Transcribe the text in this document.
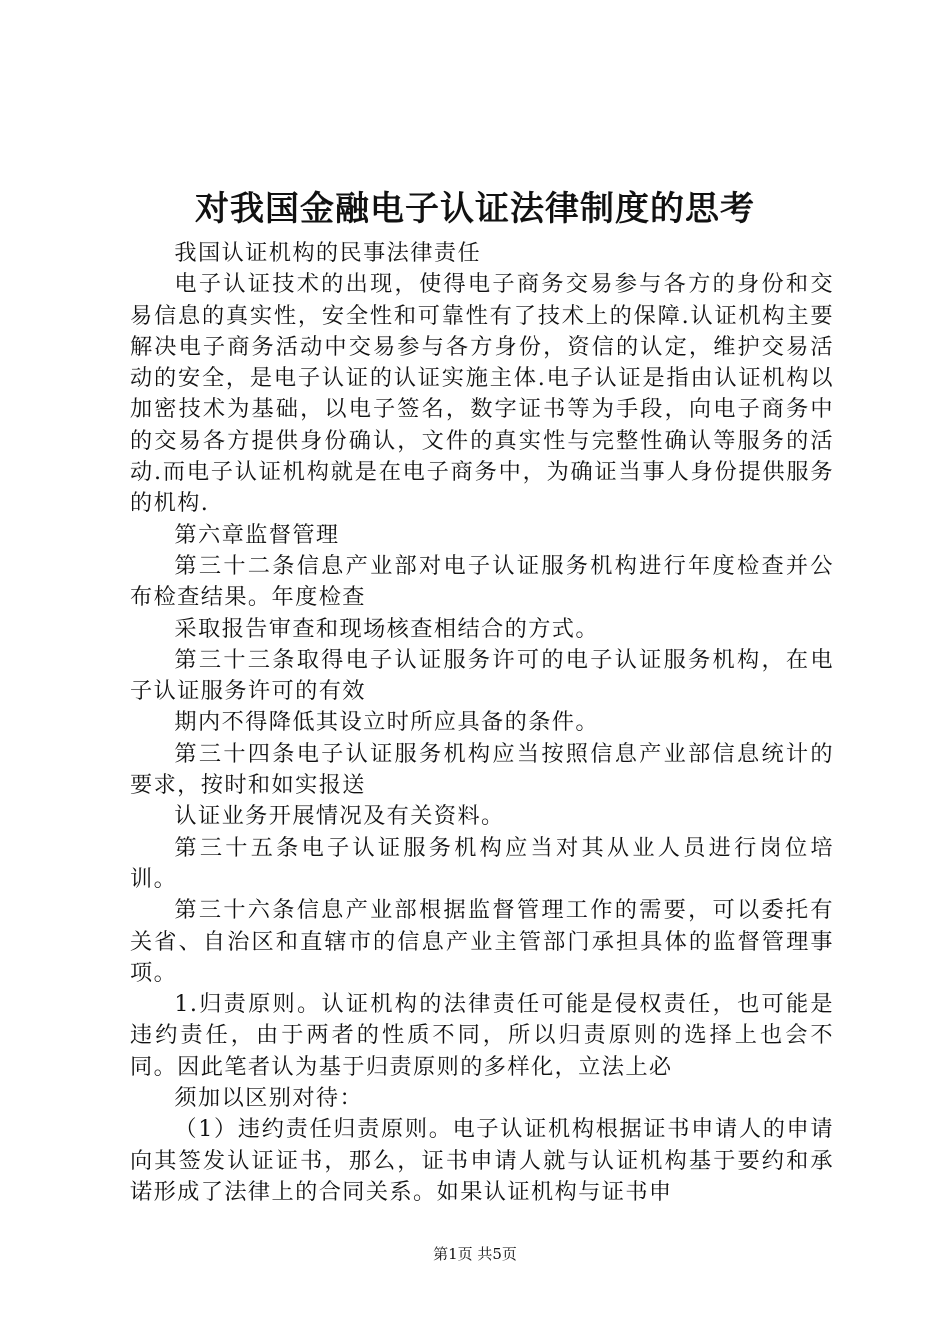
对我国金融电子认证法律制度的思考

我国认证机构的民事法律责任

电子认证技术的出现，使得电子商务交易参与各方的身份和交易信息的真实性，安全性和可靠性有了技术上的保障.认证机构主要解决电子商务活动中交易参与各方身份，资信的认定，维护交易活动的安全，是电子认证的认证实施主体.电子认证是指由认证机构以加密技术为基础，以电子签名，数字证书等为手段，向电子商务中的交易各方提供身份确认，文件的真实性与完整性确认等服务的活动.而电子认证机构就是在电子商务中，为确证当事人身份提供服务的机构.

第六章监督管理

第三十二条信息产业部对电子认证服务机构进行年度检查并公布检查结果。年度检查

采取报告审查和现场核查相结合的方式。

第三十三条取得电子认证服务许可的电子认证服务机构，在电子认证服务许可的有效

期内不得降低其设立时所应具备的条件。

第三十四条电子认证服务机构应当按照信息产业部信息统计的要求，按时和如实报送

认证业务开展情况及有关资料。

第三十五条电子认证服务机构应当对其从业人员进行岗位培训。

第三十六条信息产业部根据监督管理工作的需要，可以委托有关省、自治区和直辖市的信息产业主管部门承担具体的监督管理事项。

1.归责原则。认证机构的法律责任可能是侵权责任，也可能是违约责任，由于两者的性质不同，所以归责原则的选择上也会不同。因此笔者认为基于归责原则的多样化，立法上必

须加以区别对待：

（1）违约责任归责原则。电子认证机构根据证书申请人的申请向其签发认证证书，那么，证书申请人就与认证机构基于要约和承诺形成了法律上的合同关系。如果认证机构与证书申

第1页 共5页
